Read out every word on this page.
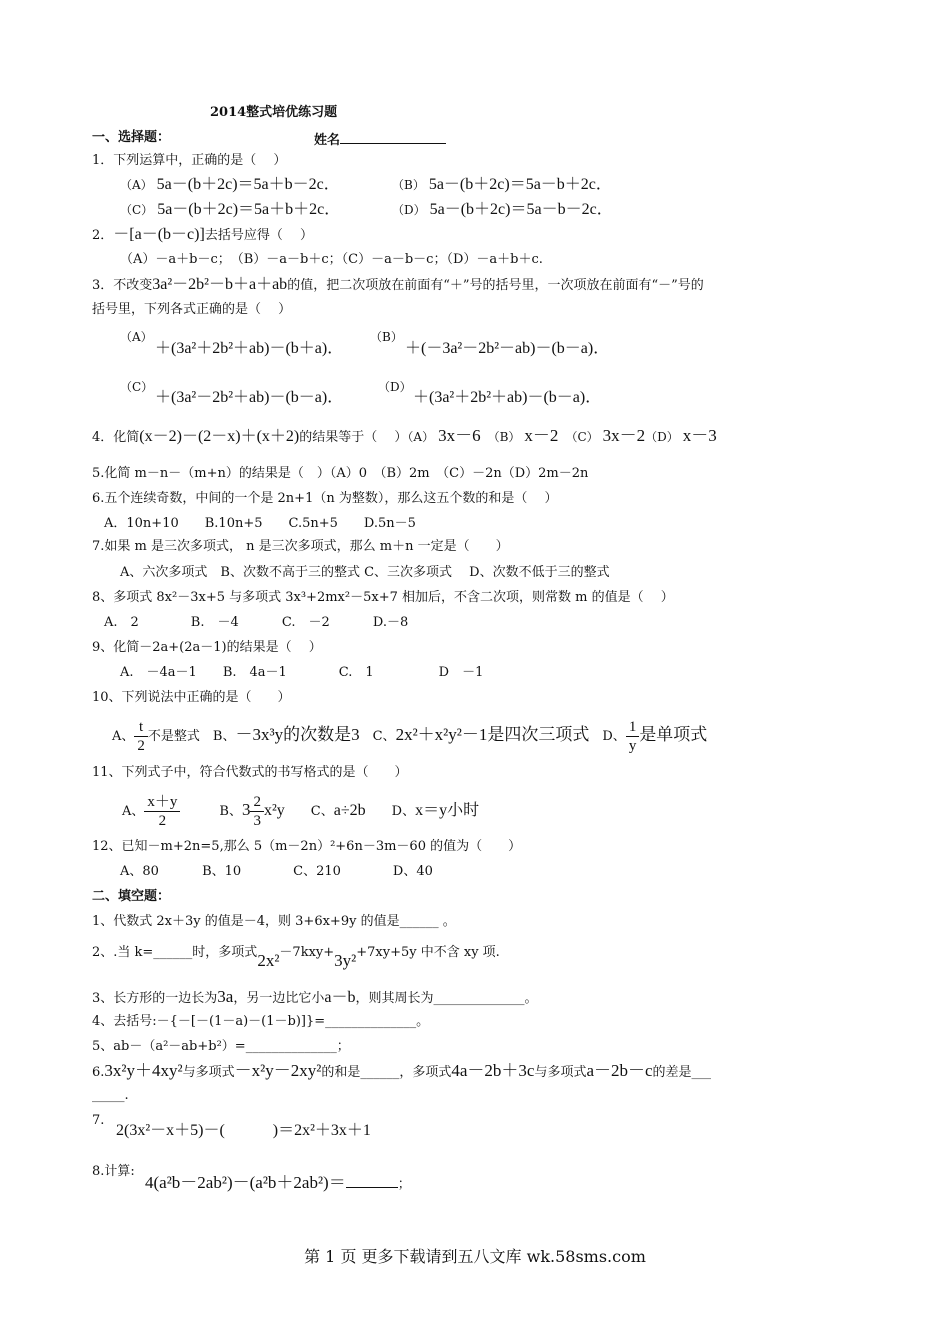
2014整式培优练习题
一、选择题：	姓名
1．下列运算中，正确的是（　 ）
（A） 5a－(b＋2c)＝5a＋b－2c．	（B） 5a－(b＋2c)＝5a－b＋2c．
（C） 5a－(b＋2c)＝5a＋b＋2c．	（D） 5a－(b＋2c)＝5a－b－2c．
2．－[a－(b－c)]去括号应得（　 ）
（A）－a＋b－c；　（B）－a－b＋c；（C）－a－b－c；（D）－a＋b＋c.
3．不改变3a²－2b²－b＋a＋ab的值，把二次项放在前面有“＋”号的括号里，一次项放在前面有“－”号的
括号里，下列各式正确的是（　 ）
（A）
＋(3a²＋2b²＋ab)－(b＋a)．
（B）
＋(－3a²－2b²－ab)－(b－a)．
（C）
＋(3a²－2b²＋ab)－(b－a)．
（D）
＋(3a²＋2b²＋ab)－(b－a)．
4．化简(x－2)－(2－x)＋(x＋2)的结果等于（　 ）（A） 3x－6　 （B） x－2　 （C） 3x－2（D） x－3
5.化简 m－n－（m+n）的结果是（　）（A）0　（B）2m　（C）－2n（D）2m－2n
6.五个连续奇数，中间的一个是 2n+1（n 为整数），那么这五个数的和是（　 ）
A．10n+10　　B.10n+5　　C.5n+5　　D.5n－5
7.如果 m 是三次多项式， n 是三次多项式，那么 m＋n 一定是（　　）
A、六次多项式　B、次数不高于三的整式 C、三次多项式　 D、次数不低于三的整式
8、多项式 8x²－3x+5 与多项式 3x³+2mx²－5x+7 相加后，不含二次项，则常数 m 的值是（　 ）
A.　2　　　　B.　－4　　　 C.　－2　　　 D.－8
9、化简－2a+(2a－1)的结果是（　 ）
A.　－4a－1　　B.　4a－1　　　　C.　1　　　　　D　－1
10、下列说法中正确的是（　　）
A、 $\frac{t}{2}$ 不是整式　 B、－3x³y的次数是3　 C、2x²＋x²y²－1是四次三项式　 D、 $\frac{1}{y}$ 是单项式
11、下列式子中，符合代数式的书写格式的是（　　）
A、 $\frac{x+y}{2}$
　　　	B、$3 \frac{2}{3} x^2y$　　 C、a÷2b　　 D、x＝y小时
12、已知－m+2n=5,那么 5（m－2n）²+6n－3m－60 的值为（　　）
A、80　　　 B、10　　　　C、210　　　　D、40
二、填空题：
1、代数式 2x＋3y 的值是－4，则 3+6x+9y 的值是______ 。
2、.当 k=______时，多项式2x²－7kxy+3y²+7xy+5y 中不含 xy 项.
3、长方形的一边长为3a，另一边比它小a－b，则其周长为______________。
4、去括号:－{－[－(1－a)－(1－b)]}=______________。
5、ab－（a²－ab+b²）=______________；
6.3x²y＋4xy²与多项式－x²y－2xy²的和是______，多项式4a－2b＋3c与多项式a－2b－c的差是___
_____.
7.
2(3x²－x＋5)－(　　　)＝2x²＋3x＋1
8.计算:
4(a²b－2ab²)－(a²b＋2ab²)＝	；
第 1 页 更多下载请到五八文库 wk.58sms.com
